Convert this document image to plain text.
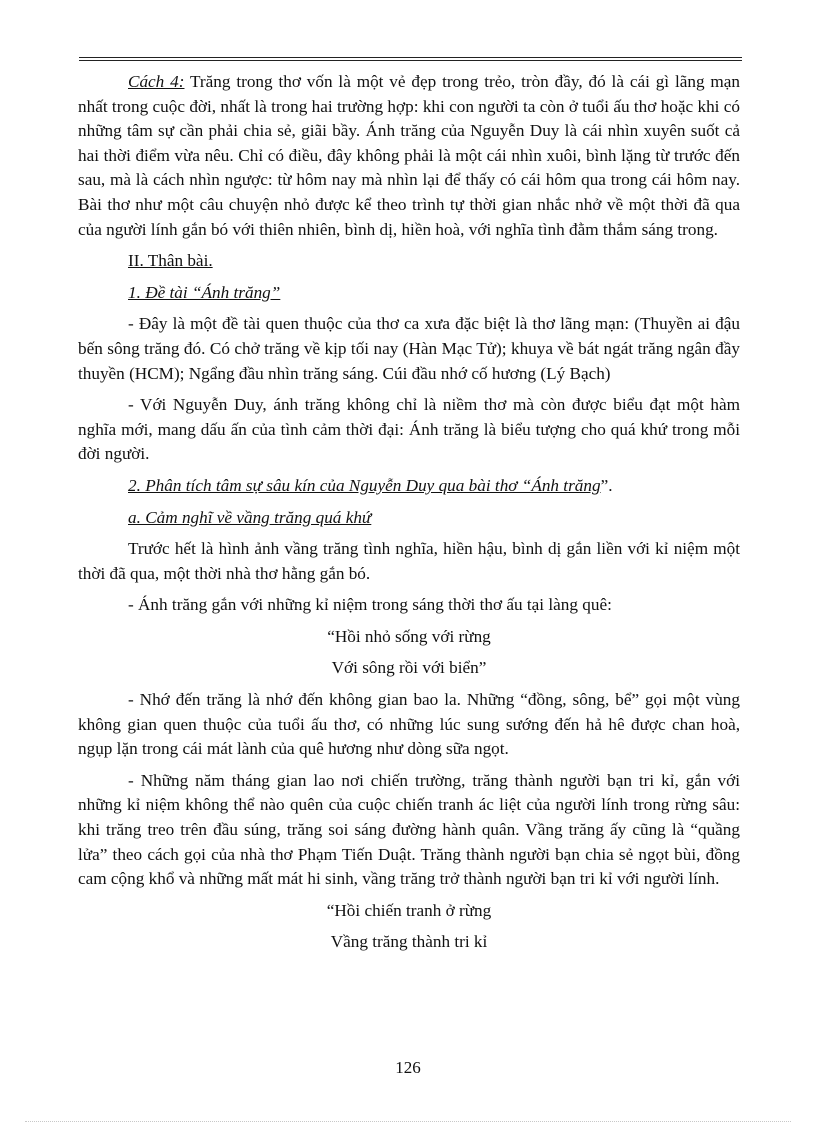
Cách 4: Trăng trong thơ vốn là một vẻ đẹp trong trẻo, tròn đầy, đó là cái gì lãng mạn nhất trong cuộc đời, nhất là trong hai trường hợp: khi con người ta còn ở tuổi ấu thơ hoặc khi có những tâm sự cần phải chia sẻ, giãi bầy. Ánh trăng của Nguyễn Duy là cái nhìn xuyên suốt cả hai thời điểm vừa nêu. Chỉ có điều, đây không phải là một cái nhìn xuôi, bình lặng từ trước đến sau, mà là cách nhìn ngược: từ hôm nay mà nhìn lại để thấy có cái hôm qua trong cái hôm nay. Bài thơ như một câu chuyện nhỏ được kể theo trình tự thời gian nhắc nhở về một thời đã qua của người lính gắn bó với thiên nhiên, bình dị, hiền hoà, với nghĩa tình đằm thắm sáng trong.

II. Thân bài.

1. Đề tài “Ánh trăng”

- Đây là một đề tài quen thuộc của thơ ca xưa đặc biệt là thơ lãng mạn: (Thuyền ai đậu bến sông trăng đó. Có chở trăng về kịp tối nay (Hàn Mạc Tử); khuya về bát ngát trăng ngân đầy thuyền (HCM); Ngẩng đầu nhìn trăng sáng. Cúi đầu nhớ cố hương (Lý Bạch)

- Với Nguyễn Duy, ánh trăng không chỉ là niềm thơ mà còn được biểu đạt một hàm nghĩa mới, mang dấu ấn của tình cảm thời đại: Ánh trăng là biểu tượng cho quá khứ trong mỗi đời người.

2. Phân tích tâm sự sâu kín của Nguyễn Duy qua bài thơ “Ánh trăng”.

a. Cảm nghĩ về vầng trăng quá khứ

Trước hết là hình ảnh vầng trăng tình nghĩa, hiền hậu, bình dị gắn liền với kỉ niệm một thời đã qua, một thời nhà thơ hằng gắn bó.

- Ánh trăng gắn với những kỉ niệm trong sáng thời thơ ấu tại làng quê:

“Hồi nhỏ sống với rừng

Với sông rồi với biển”

- Nhớ đến trăng là nhớ đến không gian bao la. Những “đồng, sông, bể” gọi một vùng không gian quen thuộc của tuổi ấu thơ, có những lúc sung sướng đến hả hê được chan hoà, ngụp lặn trong cái mát lành của quê hương như dòng sữa ngọt.

- Những năm tháng gian lao nơi chiến trường, trăng thành người bạn tri kỉ, gắn với những kỉ niệm không thể nào quên của cuộc chiến tranh ác liệt của người lính trong rừng sâu: khi trăng treo trên đầu súng, trăng soi sáng đường hành quân. Vầng trăng ấy cũng là “quầng lửa” theo cách gọi của nhà thơ Phạm Tiến Duật. Trăng thành người bạn chia sẻ ngọt bùi, đồng cam cộng khổ và những mất mát hi sinh, vầng trăng trở thành người bạn tri kỉ với người lính.

“Hồi chiến tranh ở rừng

Vầng trăng thành tri kỉ

126
